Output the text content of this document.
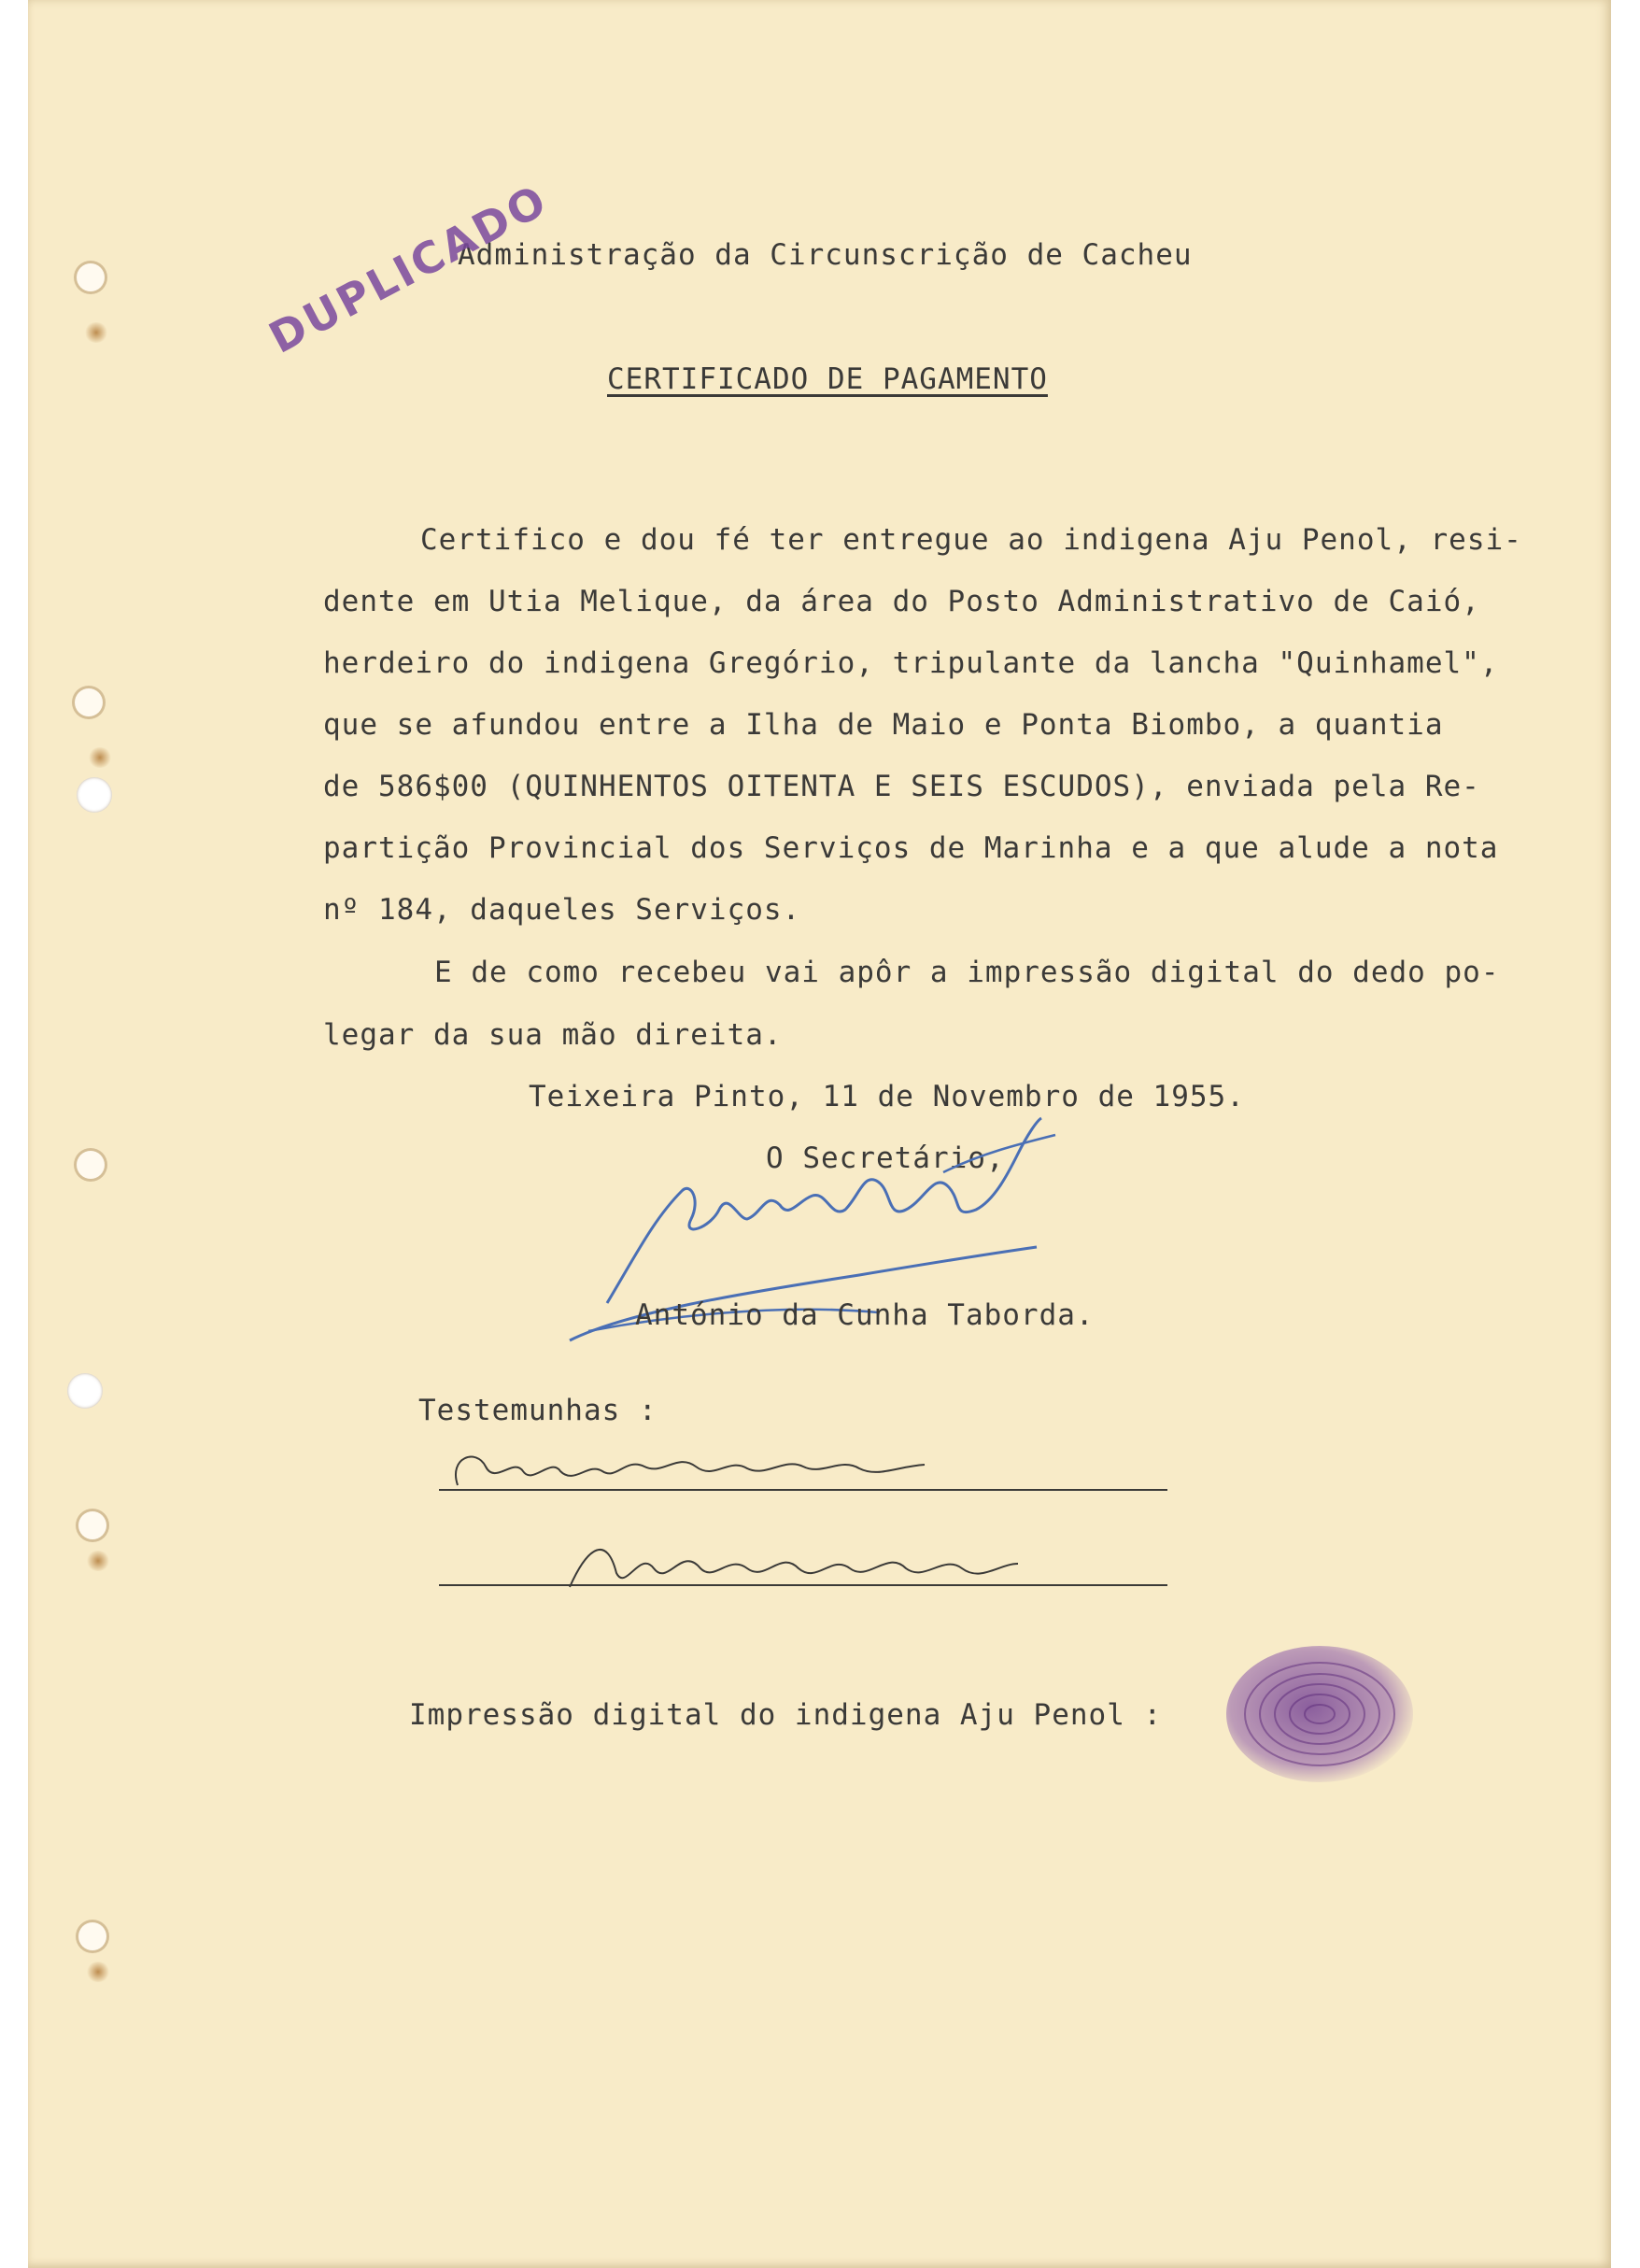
Administração da Circunscrição de Cacheu
DUPLICADO
CERTIFICADO DE PAGAMENTO
Certifico e dou fé ter entregue ao indigena Aju Penol, resi-
dente em Utia Melique, da área do Posto Administrativo de Caió,
herdeiro do indigena Gregório, tripulante da lancha "Quinhamel",
que se afundou entre a Ilha de Maio e Ponta Biombo, a quantia
de 586$00 (QUINHENTOS OITENTA E SEIS ESCUDOS), enviada pela Re-
partição Provincial dos Serviços de Marinha e a que alude a nota
nº 184, daqueles Serviços.
E de como recebeu vai apôr a impressão digital do dedo po-
legar da sua mão direita.
Teixeira Pinto, 11 de Novembro de 1955.
O Secretário,
António da Cunha Taborda.
Testemunhas :
Impressão digital do indigena Aju Penol :
